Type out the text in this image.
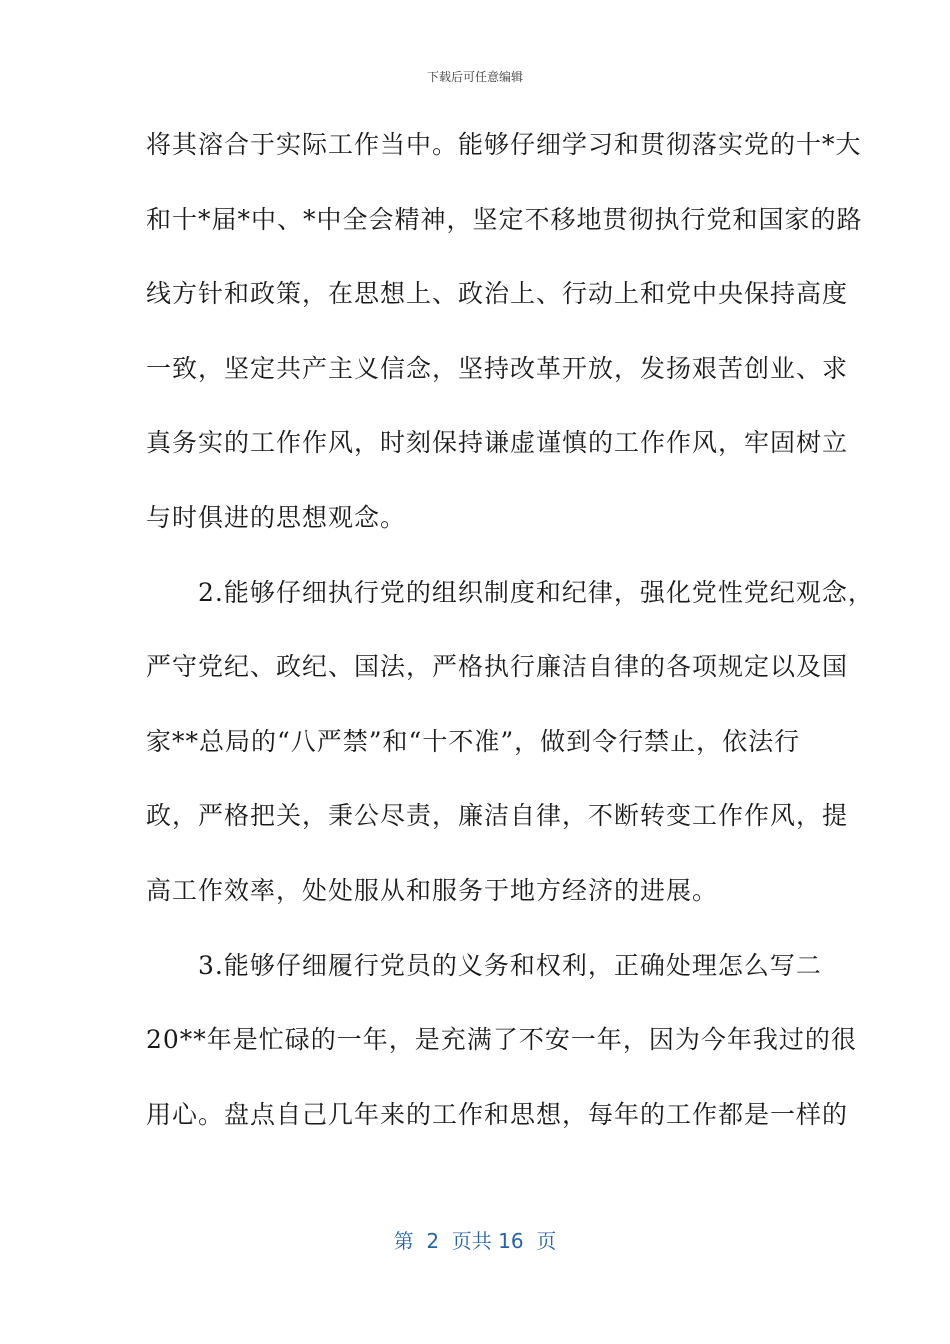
下载后可任意编辑
将其溶合于实际工作当中。能够仔细学习和贯彻落实党的十*大
和十*届*中、*中全会精神，坚定不移地贯彻执行党和国家的路
线方针和政策，在思想上、政治上、行动上和党中央保持高度
一致，坚定共产主义信念，坚持改革开放，发扬艰苦创业、求
真务实的工作作风，时刻保持谦虚谨慎的工作作风，牢固树立
与时俱进的思想观念。
　　2.能够仔细执行党的组织制度和纪律，强化党性党纪观念，
严守党纪、政纪、国法，严格执行廉洁自律的各项规定以及国
家**总局的“八严禁”和“十不准”，做到令行禁止，依法行
政，严格把关，秉公尽责，廉洁自律，不断转变工作作风，提
高工作效率，处处服从和服务于地方经济的进展。
　　3.能够仔细履行党员的义务和权利，正确处理怎么写二
20**年是忙碌的一年，是充满了不安一年，因为今年我过的很
用心。盘点自己几年来的工作和思想，每年的工作都是一样的
第  2  页共 16  页
